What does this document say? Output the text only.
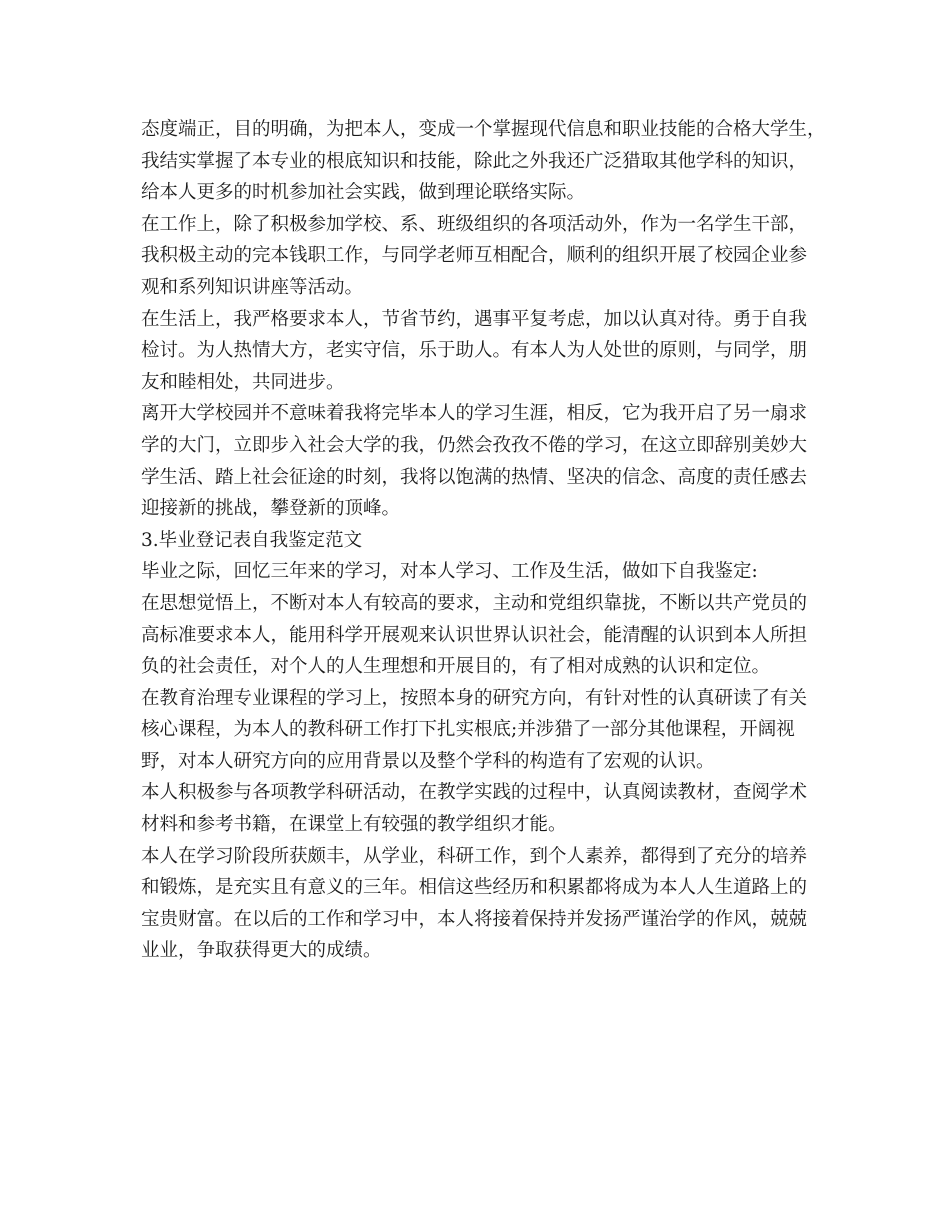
态度端正，目的明确，为把本人，变成一个掌握现代信息和职业技能的合格大学生，
我结实掌握了本专业的根底知识和技能，除此之外我还广泛猎取其他学科的知识，
给本人更多的时机参加社会实践，做到理论联络实际。
在工作上，除了积极参加学校、系、班级组织的各项活动外，作为一名学生干部，
我积极主动的完本钱职工作，与同学老师互相配合，顺利的组织开展了校园企业参
观和系列知识讲座等活动。
在生活上，我严格要求本人，节省节约，遇事平复考虑，加以认真对待。勇于自我
检讨。为人热情大方，老实守信，乐于助人。有本人为人处世的原则，与同学，朋
友和睦相处，共同进步。
离开大学校园并不意味着我将完毕本人的学习生涯，相反，它为我开启了另一扇求
学的大门，立即步入社会大学的我，仍然会孜孜不倦的学习，在这立即辞别美妙大
学生活、踏上社会征途的时刻，我将以饱满的热情、坚决的信念、高度的责任感去
迎接新的挑战，攀登新的顶峰。
3.毕业登记表自我鉴定范文
毕业之际，回忆三年来的学习，对本人学习、工作及生活，做如下自我鉴定:
在思想觉悟上，不断对本人有较高的要求，主动和党组织靠拢，不断以共产党员的
高标准要求本人，能用科学开展观来认识世界认识社会，能清醒的认识到本人所担
负的社会责任，对个人的人生理想和开展目的，有了相对成熟的认识和定位。
在教育治理专业课程的学习上，按照本身的研究方向，有针对性的认真研读了有关
核心课程，为本人的教科研工作打下扎实根底;并涉猎了一部分其他课程，开阔视
野，对本人研究方向的应用背景以及整个学科的构造有了宏观的认识。
本人积极参与各项教学科研活动，在教学实践的过程中，认真阅读教材，查阅学术
材料和参考书籍，在课堂上有较强的教学组织才能。
本人在学习阶段所获颇丰，从学业，科研工作，到个人素养，都得到了充分的培养
和锻炼，是充实且有意义的三年。相信这些经历和积累都将成为本人人生道路上的
宝贵财富。在以后的工作和学习中，本人将接着保持并发扬严谨治学的作风，兢兢
业业，争取获得更大的成绩。
